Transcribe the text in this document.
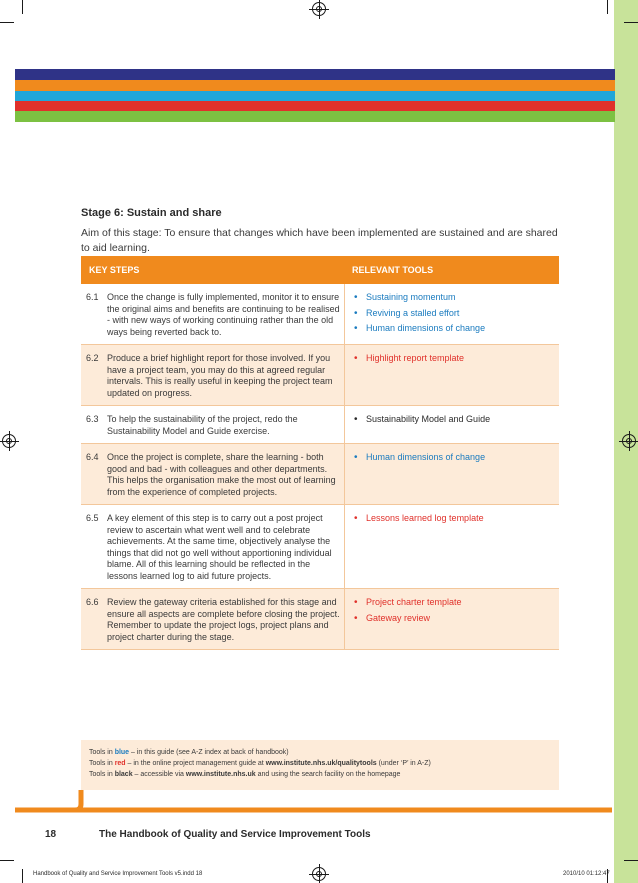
Stage 6: Sustain and share
Aim of this stage: To ensure that changes which have been implemented are sustained and are shared to aid learning.
KEY STEPS	RELEVANT TOOLS
6.1 Once the change is fully implemented, monitor it to ensure the original aims and benefits are continuing to be realised - with new ways of working continuing rather than the old ways being reverted back to.
• Sustaining momentum
• Reviving a stalled effort
• Human dimensions of change
6.2 Produce a brief highlight report for those involved. If you have a project team, you may do this at agreed regular intervals. This is really useful in keeping the project team updated on progress.
• Highlight report template
6.3 To help the sustainability of the project, redo the Sustainability Model and Guide exercise.
• Sustainability Model and Guide
6.4 Once the project is complete, share the learning - both good and bad - with colleagues and other departments. This helps the organisation make the most out of learning from the experience of completed projects.
• Human dimensions of change
6.5 A key element of this step is to carry out a post project review to ascertain what went well and to celebrate achievements. At the same time, objectively analyse the things that did not go well without apportioning individual blame. All of this learning should be reflected in the lessons learned log to aid future projects.
• Lessons learned log template
6.6 Review the gateway criteria established for this stage and ensure all aspects are complete before closing the project. Remember to update the project logs, project plans and project charter during the stage.
• Project charter template
• Gateway review
Tools in blue – in this guide (see A-Z index at back of handbook)
Tools in red – in the online project management guide at www.institute.nhs.uk/qualitytools (under ‘P’ in A-Z)
Tools in black – accessible via www.institute.nhs.uk and using the search facility on the homepage
18	The Handbook of Quality and Service Improvement Tools
Handbook of Quality and Service Improvement Tools v5.indd 18	2010/10 01:12:47
